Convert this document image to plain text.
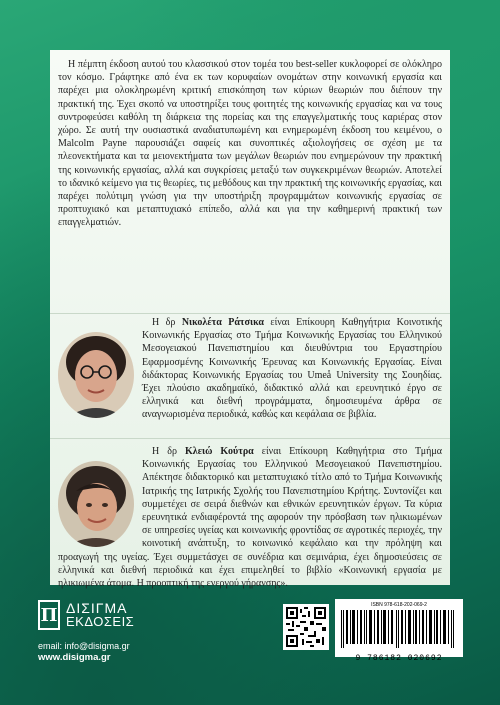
Η πέμπτη έκδοση αυτού του κλασσικού στον τομέα του best-seller κυκλοφορεί σε ολόκληρο τον κόσμο. Γράφτηκε από ένα εκ των κορυφαίων ονομάτων στην κοινωνική εργασία και παρέχει μια ολοκληρωμένη κριτική επισκόπηση των κύριων θεωριών που διέπουν την πρακτική της. Έχει σκοπό να υποστηρίξει τους φοιτητές της κοινωνικής εργασίας και να τους συντροφεύσει καθόλη τη διάρκεια της πορείας και της επαγγελματικής τους καριέρας στον χώρο. Σε αυτή την ουσιαστικά αναδιατυπωμένη και ενημερωμένη έκδοση του κειμένου, ο Malcolm Payne παρουσιάζει σαφείς και συνοπτικές αξιολογήσεις σε σχέση με τα πλεονεκτήματα και τα μειονεκτήματα των μεγάλων θεωριών που ενημερώνουν την πρακτική της κοινωνικής εργασίας, αλλά και συγκρίσεις μεταξύ των συγκεκριμένων θεωριών. Αποτελεί το ιδανικό κείμενο για τις θεωρίες, τις μεθόδους και την πρακτική της κοινωνικής εργασίας, και παρέχει πολύτιμη γνώση για την υποστήριξη προγραμμάτων κοινωνικής εργασίας σε προπτυχιακό και μεταπτυχιακό επίπεδο, αλλά και για την καθημερινή πρακτική των επαγγελματιών.

Η δρ Νικολέτα Ράτσικα είναι Επίκουρη Καθηγήτρια Κοινοτικής Κοινωνικής Εργασίας στο Τμήμα Κοινωνικής Εργασίας του Ελληνικού Μεσογειακού Πανεπιστημίου και διευθύντρια του Εργαστηρίου Εφαρμοσμένης Κοινωνικής Έρευνας και Κοινωνικής Εργασίας. Είναι διδάκτορας Κοινωνικής Εργασίας του Umeå University της Σουηδίας. Έχει πλούσιο ακαδημαϊκό, διδακτικό αλλά και ερευνητικό έργο σε ελληνικά και διεθνή προγράμματα, δημοσιευμένα άρθρα σε αναγνωρισμένα περιοδικά, καθώς και κεφάλαια σε βιβλία.

Η δρ Κλειώ Κούτρα είναι Επίκουρη Καθηγήτρια στο Τμήμα Κοινωνικής Εργασίας του Ελληνικού Μεσογειακού Πανεπιστημίου. Απέκτησε διδακτορικό και μεταπτυχιακό τίτλο από το Τμήμα Κοινωνικής Ιατρικής της Ιατρικής Σχολής του Πανεπιστημίου Κρήτης. Συντονίζει και συμμετέχει σε σειρά διεθνών και εθνικών ερευνητικών έργων. Τα κύρια ερευνητικά ενδιαφέροντά της αφορούν την πρόσβαση των ηλικιωμένων σε υπηρεσίες υγείας και κοινωνικής φροντίδας σε αγροτικές περιοχές, την κοινοτική ανάπτυξη, το κοινωνικό κεφάλαιο και την πρόληψη και προαγωγή της υγείας. Έχει συμμετάσχει σε συνέδρια και σεμινάρια, έχει δημοσιεύσεις σε ελληνικά και διεθνή περιοδικά και έχει επιμεληθεί το βιβλίο «Κοινωνική εργασία με ηλικιωμένα άτομα. Η προοπτική της ενεργού γήρανσης».

Π ΔΙΣΙΓΜΑ
ΕΚΔΟΣΕΙΣ
email: info@disigma.gr
www.disigma.gr
ISBN 978-618-202-069-2
9 786182 020692
